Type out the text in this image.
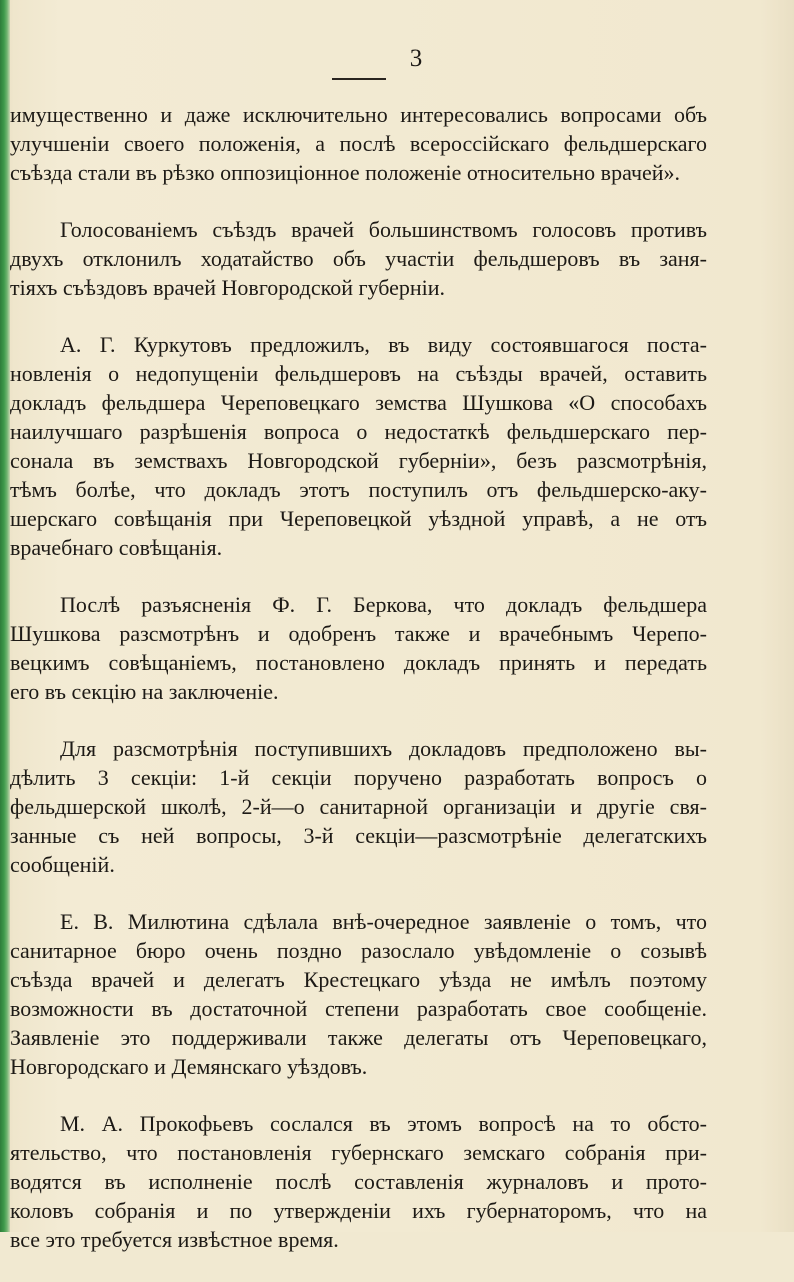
3
имущественно и даже исключительно интересовались вопросами объ
улучшеніи своего положенія, а послѣ всероссійскаго фельдшерскаго
съѣзда стали въ рѣзко оппозиціонное положеніе относительно врачей».
Голосованіемъ съѣздъ врачей большинствомъ голосовъ противъ
двухъ отклонилъ ходатайство объ участіи фельдшеровъ въ заня-
тіяхъ съѣздовъ врачей Новгородской губерніи.
А. Г. Куркутовъ предложилъ, въ виду состоявшагося поста-
новленія о недопущеніи фельдшеровъ на съѣзды врачей, оставить
докладъ фельдшера Череповецкаго земства Шушкова «О способахъ
наилучшаго разрѣшенія вопроса о недостаткѣ фельдшерскаго пер-
сонала въ земствахъ Новгородской губерніи», безъ разсмотрѣнія,
тѣмъ болѣе, что докладъ этотъ поступилъ отъ фельдшерско-аку-
шерскаго совѣщанія при Череповецкой уѣздной управѣ, а не отъ
врачебнаго совѣщанія.
Послѣ разъясненія Ф. Г. Беркова, что докладъ фельдшера
Шушкова разсмотрѣнъ и одобренъ также и врачебнымъ Черепо-
вецкимъ совѣщаніемъ, постановлено докладъ принять и передать
его въ секцію на заключеніе.
Для разсмотрѣнія поступившихъ докладовъ предположено вы-
дѣлить 3 секціи: 1-й секціи поручено разработать вопросъ о
фельдшерской школѣ, 2-й—о санитарной организаціи и другіе свя-
занные съ ней вопросы, 3-й секціи—разсмотрѣніе делегатскихъ
сообщеній.
Е. В. Милютина сдѣлала внѣ-очередное заявленіе о томъ, что
санитарное бюро очень поздно разослало увѣдомленіе о созывѣ
съѣзда врачей и делегатъ Крестецкаго уѣзда не имѣлъ поэтому
возможности въ достаточной степени разработать свое сообщеніе.
Заявленіе это поддерживали также делегаты отъ Череповецкаго,
Новгородскаго и Демянскаго уѣздовъ.
М. А. Прокофьевъ сослался въ этомъ вопросѣ на то обсто-
ятельство, что постановленія губернскаго земскаго собранія при-
водятся въ исполненіе послѣ составленія журналовъ и прото-
коловъ собранія и по утвержденіи ихъ губернаторомъ, что на
все это требуется извѣстное время.
